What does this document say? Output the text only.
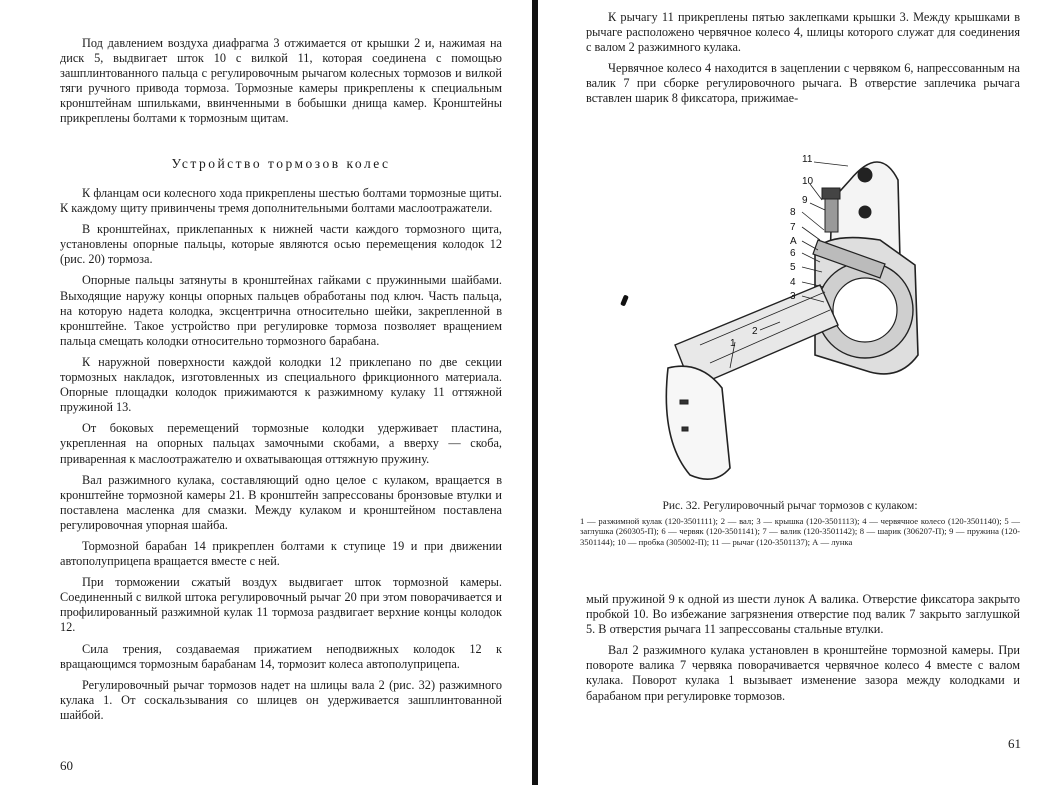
Под давлением воздуха диафрагма 3 отжимается от крышки 2 и, нажимая на диск 5, выдвигает шток 10 с вилкой 11, которая соединена с помощью зашплинтованного пальца с регулировочным рычагом колесных тормозов и вилкой тяги ручного привода тормоза. Тормозные камеры прикреплены к специальным кронштейнам шпильками, ввинченными в бобышки днища камер. Кронштейны прикреплены болтами к тормозным щитам.

Устройство тормозов колес

К фланцам оси колесного хода прикреплены шестью болтами тормозные щиты. К каждому щиту привинчены тремя дополнительными болтами маслоотражатели.

В кронштейнах, приклепанных к нижней части каждого тормозного щита, установлены опорные пальцы, которые являются осью перемещения колодок 12 (рис. 20) тормоза.

Опорные пальцы затянуты в кронштейнах гайками с пружинными шайбами. Выходящие наружу концы опорных пальцев обработаны под ключ. Часть пальца, на которую надета колодка, эксцентрична относительно шейки, закрепленной в кронштейне. Такое устройство при регулировке тормоза позволяет вращением пальца смещать колодки относительно тормозного барабана.

К наружной поверхности каждой колодки 12 приклепано по две секции тормозных накладок, изготовленных из специального фрикционного материала. Опорные площадки колодок прижимаются к разжимному кулаку 11 оттяжной пружиной 13.

От боковых перемещений тормозные колодки удерживает пластина, укрепленная на опорных пальцах замочными скобами, а вверху — скоба, приваренная к маслоотражателю и охватывающая оттяжную пружину.

Вал разжимного кулака, составляющий одно целое с кулаком, вращается в кронштейне тормозной камеры 21. В кронштейн запрессованы бронзовые втулки и поставлена масленка для смазки. Между кулаком и кронштейном поставлена регулировочная упорная шайба.

Тормозной барабан 14 прикреплен болтами к ступице 19 и при движении автополуприцепа вращается вместе с ней.

При торможении сжатый воздух выдвигает шток тормозной камеры. Соединенный с вилкой штока регулировочный рычаг 20 при этом поворачивается и профилированный разжимной кулак 11 тормоза раздвигает верхние концы колодок 12.

Сила трения, создаваемая прижатием неподвижных колодок 12 к вращающимся тормозным барабанам 14, тормозит колеса автополуприцепа.

Регулировочный рычаг тормозов надет на шлицы вала 2 (рис. 32) разжимного кулака 1. От соскальзывания со шлицев он удерживается зашплинтованной шайбой.

60

К рычагу 11 прикреплены пятью заклепками крышки 3. Между крышками в рычаге расположено червячное колесо 4, шлицы которого служат для соединения с валом 2 разжимного кулака.

Червячное колесо 4 находится в зацеплении с червяком 6, напрессованным на валик 7 при сборке регулировочного рычага. В отверстие заплечика рычага вставлен шарик 8 фиксатора, прижимае-

мый пружиной 9 к одной из шести лунок А валика. Отверстие фиксатора закрыто пробкой 10. Во избежание загрязнения отверстие под валик 7 закрыто заглушкой 5. В отверстия рычага 11 запрессованы стальные втулки.

Вал 2 разжимного кулака установлен в кронштейне тормозной камеры. При повороте валика 7 червяка поворачивается червячное колесо 4 вместе с валом кулака. Поворот кулака 1 вызывает изменение зазора между колодками и барабаном при регулировке тормозов.

11
10
9
8
7
А
6
5
4
3
2
1
Рис. 32. Регулировочный рычаг тормозов с кулаком:
1 — разжимной кулак (120-3501111); 2 — вал; 3 — крышка (120-3501113); 4 — червячное колесо (120-3501140); 5 — заглушка (260305-П); 6 — червяк (120-3501141); 7 — валик (120-3501142); 8 — шарик (306207-П); 9 — пружина (120-3501144); 10 — пробка (305002-П); 11 — рычаг (120-3501137); А — лунка
61
